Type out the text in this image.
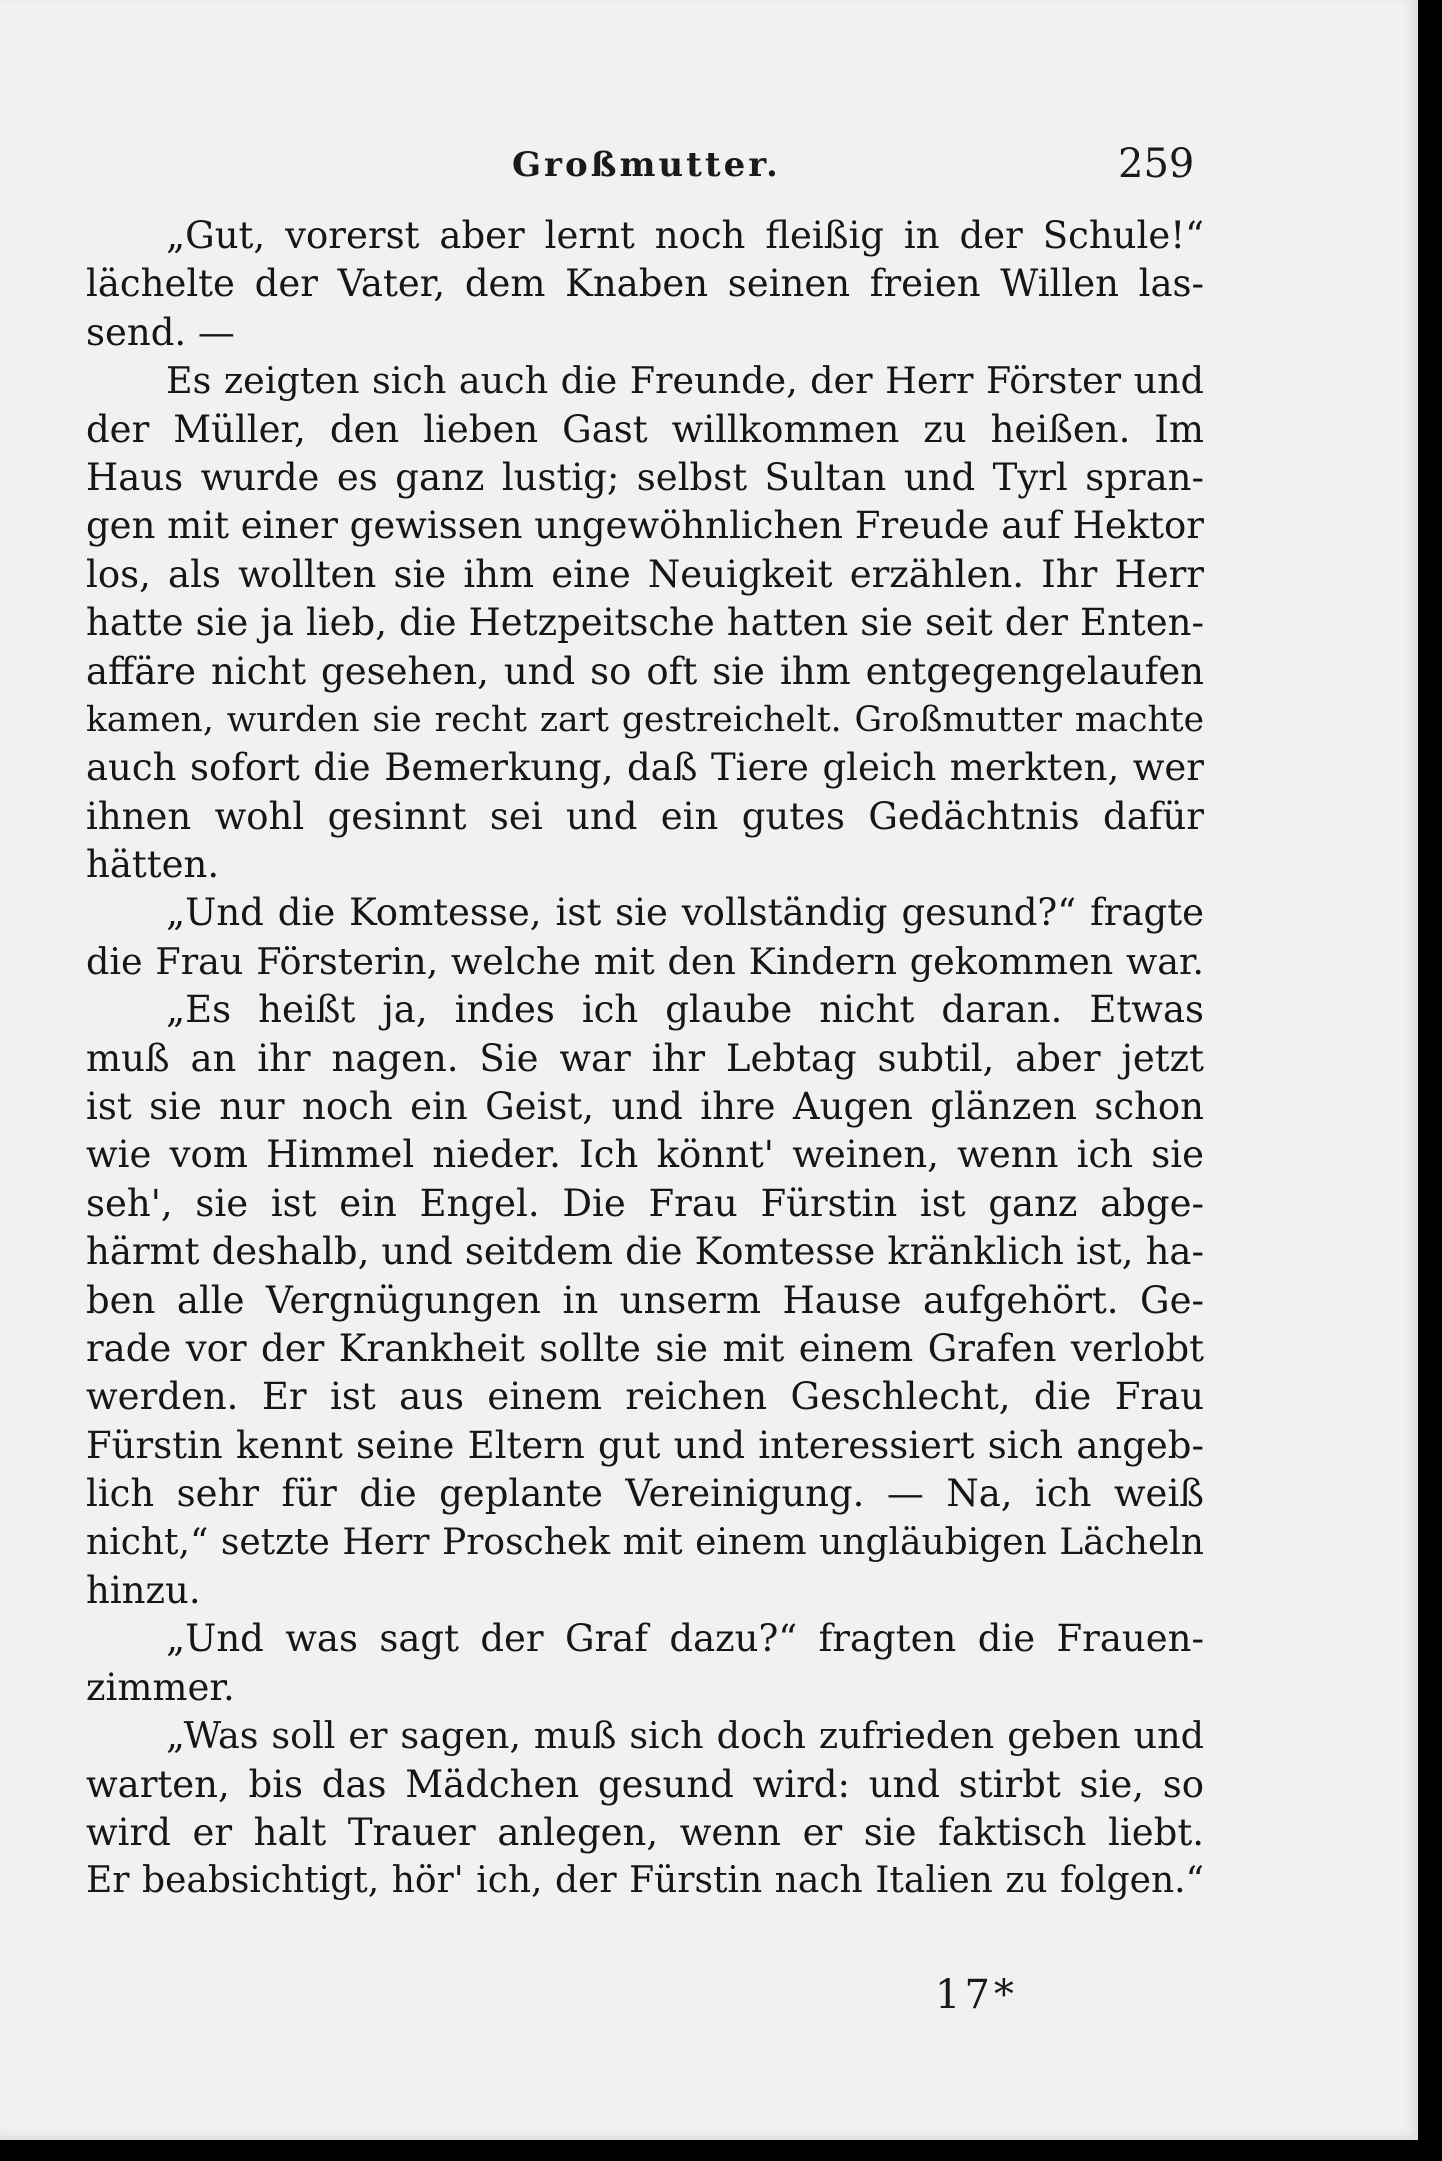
Großmutter.	259
„Gut, vorerst aber lernt noch fleißig in der Schule!“
lächelte der Vater, dem Knaben seinen freien Willen las-
send. —
Es zeigten sich auch die Freunde, der Herr Förster und
der Müller, den lieben Gast willkommen zu heißen. Im
Haus wurde es ganz lustig; selbst Sultan und Tyrl spran-
gen mit einer gewissen ungewöhnlichen Freude auf Hektor
los, als wollten sie ihm eine Neuigkeit erzählen. Ihr Herr
hatte sie ja lieb, die Hetzpeitsche hatten sie seit der Enten-
affäre nicht gesehen, und so oft sie ihm entgegengelaufen
kamen, wurden sie recht zart gestreichelt. Großmutter machte
auch sofort die Bemerkung, daß Tiere gleich merkten, wer
ihnen wohl gesinnt sei und ein gutes Gedächtnis dafür
hätten.
„Und die Komtesse, ist sie vollständig gesund?“ fragte
die Frau Försterin, welche mit den Kindern gekommen war.
„Es heißt ja, indes ich glaube nicht daran. Etwas
muß an ihr nagen. Sie war ihr Lebtag subtil, aber jetzt
ist sie nur noch ein Geist, und ihre Augen glänzen schon
wie vom Himmel nieder. Ich könnt' weinen, wenn ich sie
seh', sie ist ein Engel. Die Frau Fürstin ist ganz abge-
härmt deshalb, und seitdem die Komtesse kränklich ist, ha-
ben alle Vergnügungen in unserm Hause aufgehört. Ge-
rade vor der Krankheit sollte sie mit einem Grafen verlobt
werden. Er ist aus einem reichen Geschlecht, die Frau
Fürstin kennt seine Eltern gut und interessiert sich angeb-
lich sehr für die geplante Vereinigung. — Na, ich weiß
nicht,“ setzte Herr Proschek mit einem ungläubigen Lächeln
hinzu.
„Und was sagt der Graf dazu?“ fragten die Frauen-
zimmer.
„Was soll er sagen, muß sich doch zufrieden geben und
warten, bis das Mädchen gesund wird: und stirbt sie, so
wird er halt Trauer anlegen, wenn er sie faktisch liebt.
Er beabsichtigt, hör' ich, der Fürstin nach Italien zu folgen.“
17*
